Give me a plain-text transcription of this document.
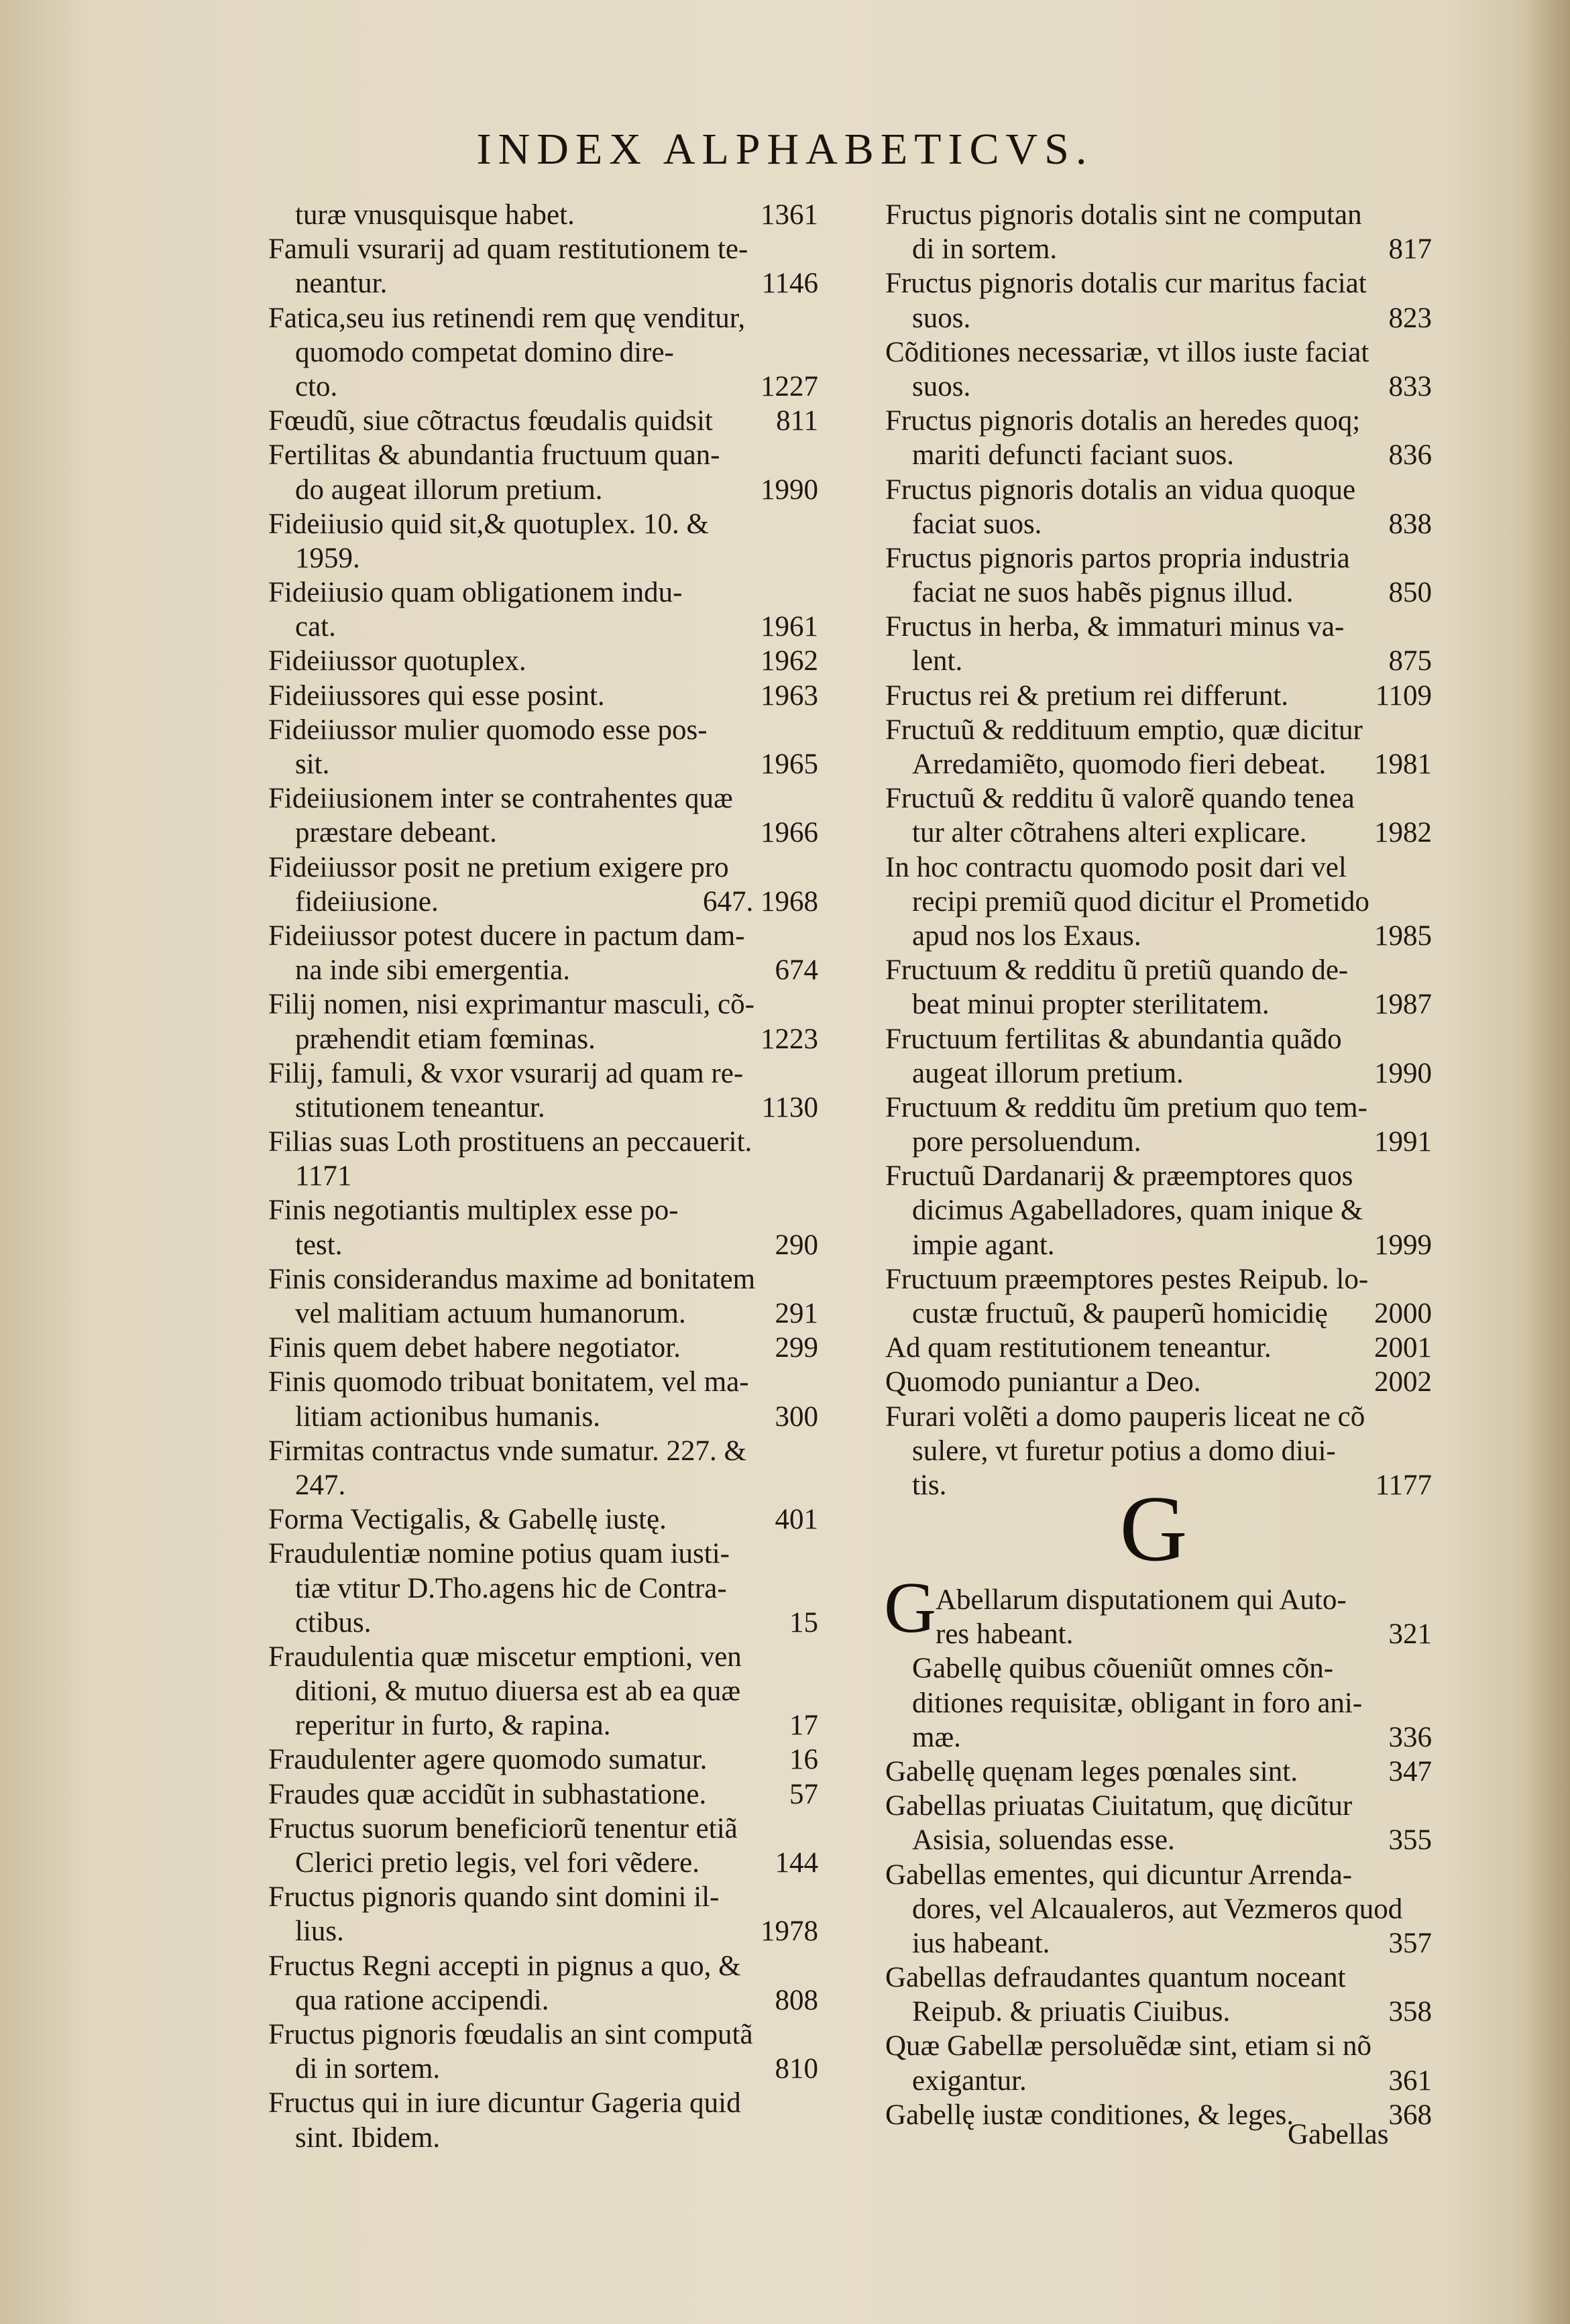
INDEX ALPHABETICVS.
turæ vnusquisque habet.	1361
Famuli vsurarij ad quam restitutionem te-
neantur.	1146
Fatica,seu ius retinendi rem quę venditur,
quomodo competat domino dire-
cto.	1227
Fœudũ, siue cõtractus fœudalis quidsit	811
Fertilitas & abundantia fructuum quan-
do augeat illorum pretium.	1990
Fideiiusio quid sit,& quotuplex. 10. &
1959.
Fideiiusio quam obligationem indu-
cat.	1961
Fideiiussor quotuplex.	1962
Fideiiussores qui esse posint.	1963
Fideiiussor mulier quomodo esse pos-
sit.	1965
Fideiiusionem inter se contrahentes quæ
præstare debeant.	1966
Fideiiussor posit ne pretium exigere pro
fideiiusione.	647. 1968
Fideiiussor potest ducere in pactum dam-
na inde sibi emergentia.	674
Filij nomen, nisi exprimantur masculi, cõ-
præhendit etiam fœminas.	1223
Filij, famuli, & vxor vsurarij ad quam re-
stitutionem teneantur.	1130
Filias suas Loth prostituens an peccauerit.
1171
Finis negotiantis multiplex esse po-
test.	290
Finis considerandus maxime ad bonitatem
vel malitiam actuum humanorum.	291
Finis quem debet habere negotiator.	299
Finis quomodo tribuat bonitatem, vel ma-
litiam actionibus humanis.	300
Firmitas contractus vnde sumatur. 227. &
247.
Forma Vectigalis, & Gabellę iustę.	401
Fraudulentiæ nomine potius quam iusti-
tiæ vtitur D.Tho.agens hic de Contra-
ctibus.	15
Fraudulentia quæ miscetur emptioni, ven
ditioni, & mutuo diuersa est ab ea quæ
reperitur in furto, & rapina.	17
Fraudulenter agere quomodo sumatur.	16
Fraudes quæ accidũt in subhastatione.	57
Fructus suorum beneficiorũ tenentur etiã
Clerici pretio legis, vel fori vẽdere.	144
Fructus pignoris quando sint domini il-
lius.	1978
Fructus Regni accepti in pignus a quo, &
qua ratione accipendi.	808
Fructus pignoris fœudalis an sint computã
di in sortem.	810
Fructus qui in iure dicuntur Gageria quid
sint. Ibidem.
Fructus pignoris dotalis sint ne computan
di in sortem.	817
Fructus pignoris dotalis cur maritus faciat
suos.	823
Cõditiones necessariæ, vt illos iuste faciat
suos.	833
Fructus pignoris dotalis an heredes quoq;
mariti defuncti faciant suos.	836
Fructus pignoris dotalis an vidua quoque
faciat suos.	838
Fructus pignoris partos propria industria
faciat ne suos habẽs pignus illud.	850
Fructus in herba, & immaturi minus va-
lent.	875
Fructus rei & pretium rei differunt.	1109
Fructuũ & reddituum emptio, quæ dicitur
Arredamiẽto, quomodo fieri debeat.	1981
Fructuũ & redditu ũ valorẽ quando tenea
tur alter cõtrahens alteri explicare.	1982
In hoc contractu quomodo posit dari vel
recipi premiũ quod dicitur el Prometido
apud nos los Exaus.	1985
Fructuum & redditu ũ pretiũ quando de-
beat minui propter sterilitatem.	1987
Fructuum fertilitas & abundantia quãdo
augeat illorum pretium.	1990
Fructuum & redditu ũm pretium quo tem-
pore persoluendum.	1991
Fructuũ Dardanarij & præemptores quos
dicimus Agabelladores, quam inique &
impie agant.	1999
Fructuum præemptores pestes Reipub. lo-
custæ fructuũ, & pauperũ homicidię	2000
Ad quam restitutionem teneantur.	2001
Quomodo puniantur a Deo.	2002
Furari volẽti a domo pauperis liceat ne cõ
sulere, vt furetur potius a domo diui-
tis.	1177
G
G Abellarum disputationem qui Auto-
res habeant.	321
Gabellę quibus cõueniũt omnes cõn-
ditiones requisitæ, obligant in foro ani-
mæ.	336
Gabellę quęnam leges pœnales sint.	347
Gabellas priuatas Ciuitatum, quę dicũtur
Asisia, soluendas esse.	355
Gabellas ementes, qui dicuntur Arrenda-
dores, vel Alcaualeros, aut Vezmeros quod
ius habeant.	357
Gabellas defraudantes quantum noceant
Reipub. & priuatis Ciuibus.	358
Quæ Gabellæ persoluẽdæ sint, etiam si nõ
exigantur.	361
Gabellę iustæ conditiones, & leges.	368
Gabellas
